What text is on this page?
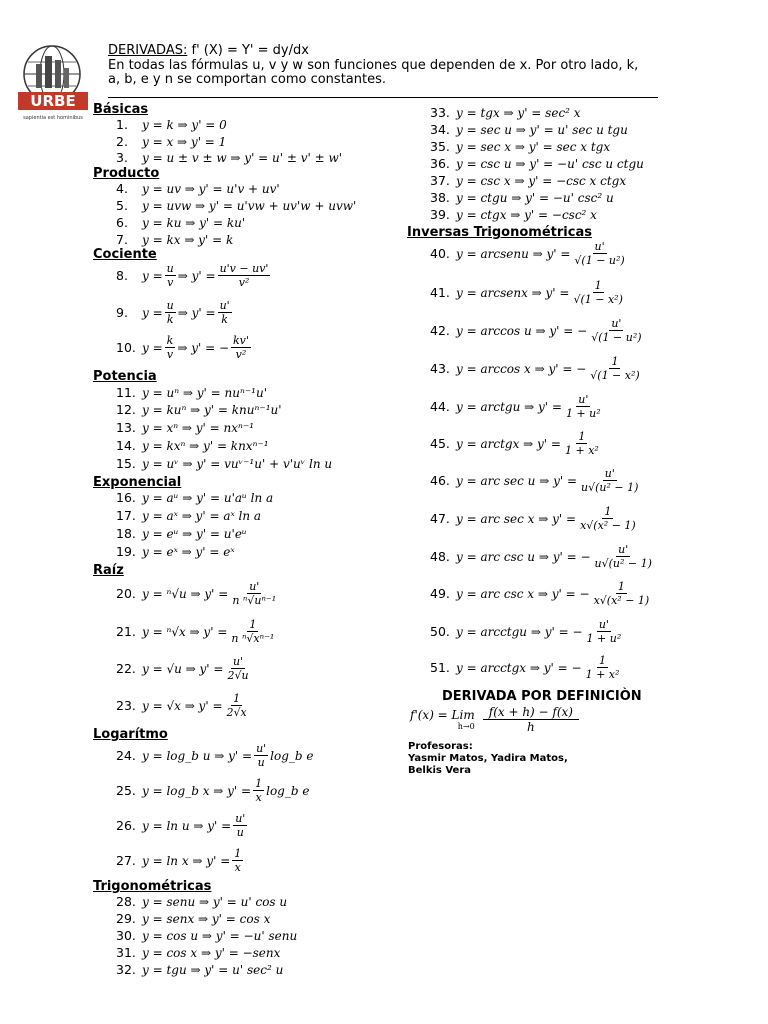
URBE
sapientia est hominibus
DERIVADAS: f' (X) = Y' = dy/dx
En todas las fórmulas u, v y w son funciones que dependen de x. Por otro lado, k,
a, b, e y n se comportan como constantes.
Básicas
1.	y = k ⇒ y' = 0
2.	y = x ⇒ y' = 1
3.	y = u ± v ± w ⇒ y' = u' ± v' ± w'
Producto
4.	y = uv ⇒ y' = u'v + uv'
5.	y = uvw ⇒ y' = u'vw + uv'w + uvw'
6.	y = ku ⇒ y' = ku'
7.	y = kx ⇒ y' = k
Cociente
8.	$y = \frac{u}{v}$ ⇒ $y' = \frac{u'v - uv'}{\text{v²}}$
9.	$y = \frac{u}{k}$ ⇒ $y' = \frac{u'}{k}$
10. $y = \frac{k}{v}$ ⇒ y' = − $\frac{kv'}{\text{v²}}$
Potencia
11. y = uⁿ ⇒ y' = nuⁿ⁻¹u'
12. y = kuⁿ ⇒ y' = knuⁿ⁻¹u'
13. y = xⁿ ⇒ y' = nxⁿ⁻¹
14. y = kxⁿ ⇒ y' = knxⁿ⁻¹
15. y = uᵛ ⇒ y' = vuᵛ⁻¹u' + v'uᵛ ln u
Exponencial
16. y = aᵘ ⇒ y' = u'aᵘ ln a
17. y = aˣ ⇒ y' = aˣ ln a
18. y = eᵘ ⇒ y' = u'eᵘ
19. y = eˣ ⇒ y' = eˣ
Raíz
20. y = ⁿ√u ⇒ $y' = \frac{u'}{\text{n ⁿ√uⁿ⁻¹}}$
21. y = ⁿ√x ⇒ $y' = \frac{1}{\text{n ⁿ√xⁿ⁻¹}}$
22. y = √u ⇒ $y' = \frac{u'}{2√u}$
23. y = √x ⇒ $y' = \frac{1}{2√x}$
Logarítmo
24. y = log_b u ⇒ $y' = \frac{u'}{u}$ log_b e
25. y = log_b x ⇒ $y' = \frac{1}{x}$ log_b e
26. y = ln u ⇒ $y' = \frac{u'}{u}$
27. y = ln x ⇒ $y' = \frac{1}{x}$
Trigonométricas
28. y = senu ⇒ y' = u' cos u
29. y = senx ⇒ y' = cos x
30. y = cos u ⇒ y' = −u' senu
31. y = cos x ⇒ y' = −senx
32. y = tgu ⇒ y' = u' sec² u
33. y = tgx ⇒ y' = sec² x
34. y = sec u ⇒ y' = u' sec u tgu
35. y = sec x ⇒ y' = sec x tgx
36. y = csc u ⇒ y' = −u' csc u ctgu
37. y = csc x ⇒ y' = −csc x ctgx
38. y = ctgu ⇒ y' = −u' csc² u
39. y = ctgx ⇒ y' = −csc² x
Inversas Trigonométricas
40. y = arcsenu ⇒ $y' = \frac{u'}{\text{√(1 − u²)}}$
41. y = arcsenx ⇒ $y' = \frac{1}{\text{√(1 − x²)}}$
42. y = arccos u ⇒ y' = − $\frac{u'}{\text{√(1 − u²)}}$
43. y = arccos x ⇒ y' = − $\frac{1}{\text{√(1 − x²)}}$
44. y = arctgu ⇒ $y' = \frac{u'}{\text{1 + u²}}$
45. y = arctgx ⇒ $y' = \frac{1}{\text{1 + x²}}$
46. y = arc sec u ⇒ $y' = \frac{u'}{\text{u√(u² − 1)}}$
47. y = arc sec x ⇒ $y' = \frac{1}{\text{x√(x² − 1)}}$
48. y = arc csc u ⇒ y' = − $\frac{u'}{\text{u√(u² − 1)}}$
49. y = arc csc x ⇒ y' = − $\frac{1}{\text{x√(x² − 1)}}$
50. y = arcctgu ⇒ y' = − $\frac{u'}{\text{1 + u²}}$
51. y = arcctgx ⇒ y' = − $\frac{1}{\text{1 + x²}}$
DERIVADA POR DEFINICIÒN
f'(x) = Lim
$h\to 0 \frac{f(x + h) - f(x)}{h}$
Profesoras:
Yasmir Matos, Yadira Matos,
Belkis Vera
